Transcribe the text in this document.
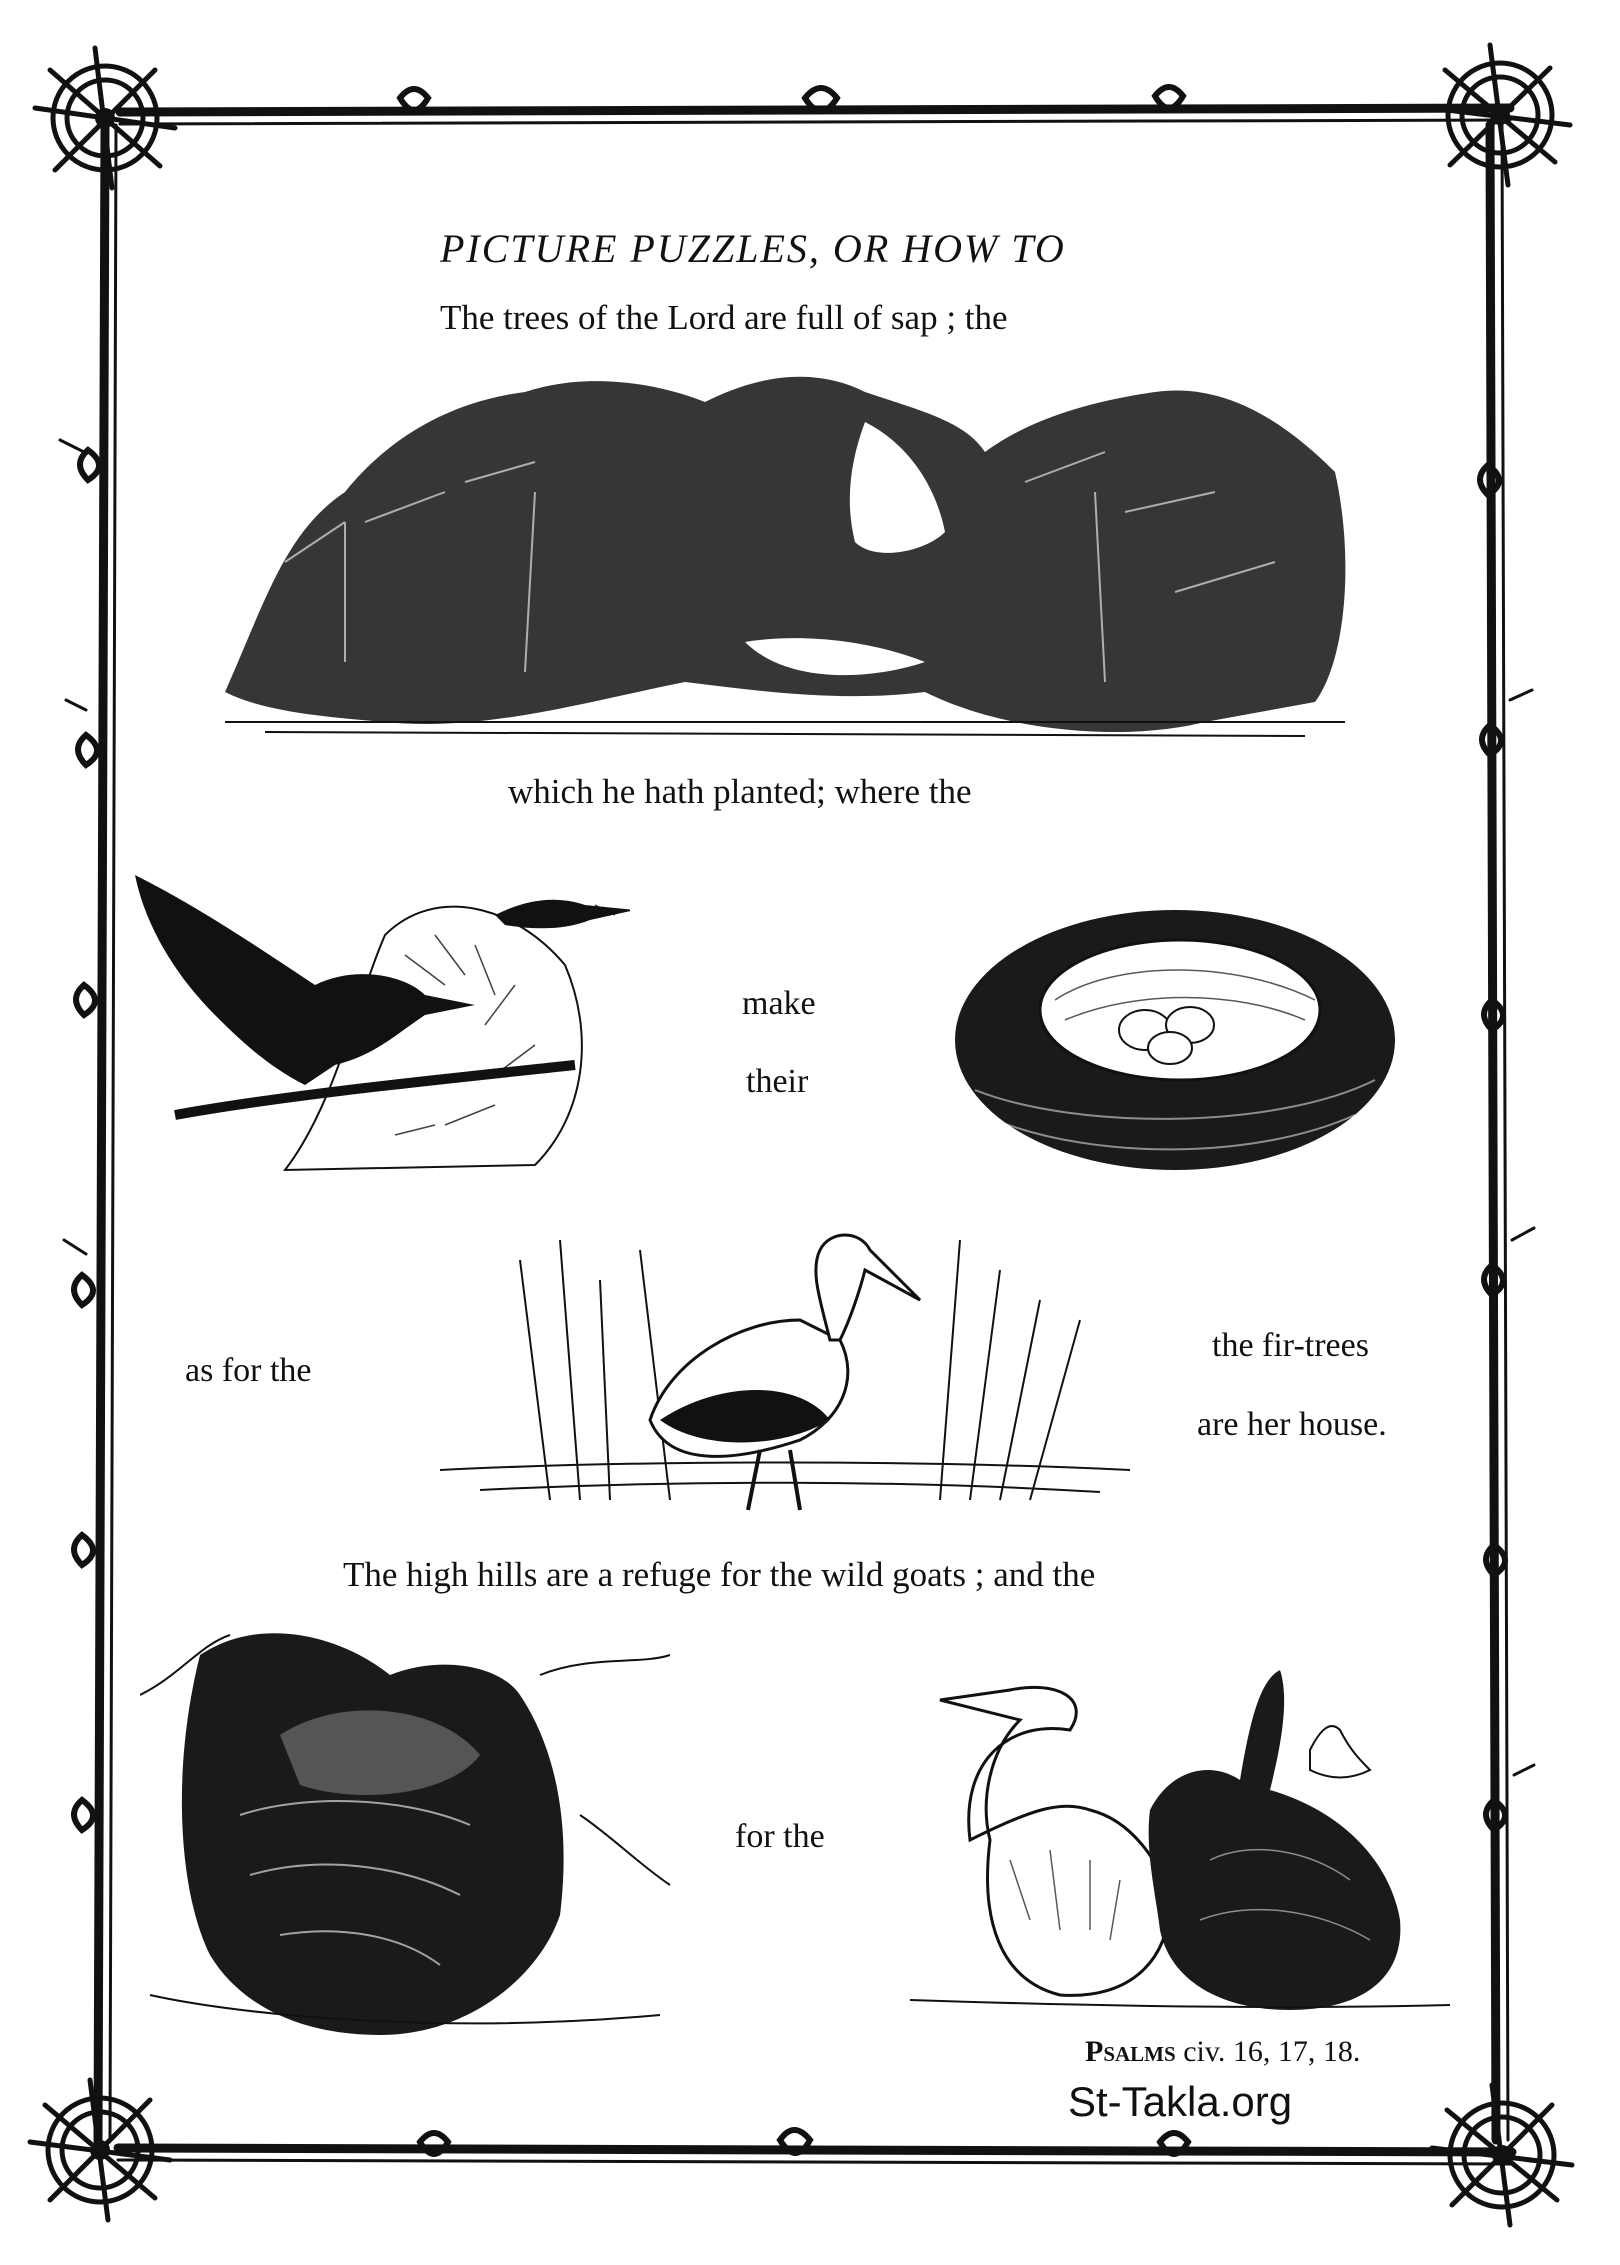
PICTURE PUZZLES, OR HOW TO
The trees of the Lord are full of sap ; the
which he hath planted; where the
make
their
as for the
the fir-trees
are her house.
The high hills are a refuge for the wild goats ; and the
for the
Psalms civ. 16, 17, 18.
St-Takla.org
